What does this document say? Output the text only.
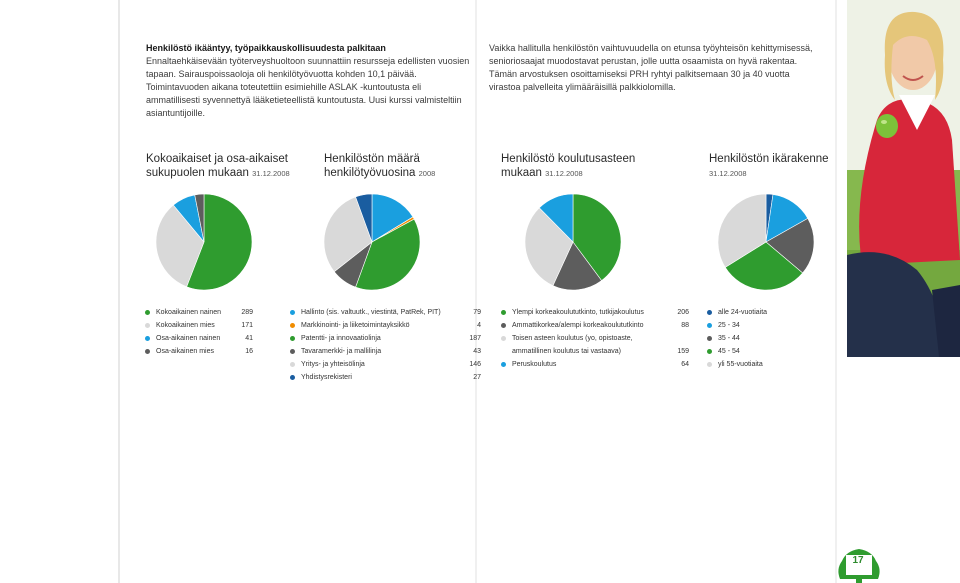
Henkilöstö ikääntyy, työpaikkauskollisuudesta palkitaan
Ennaltaehkäisevään työterveyshuoltoon suunnattiin resursseja edellisten vuosien tapaan. Sairauspoissaoloja oli henkilötyövuotta kohden 10,1 päivää. Toimintavuoden aikana toteutettiin esimiehille ASLAK -kuntoutusta eli ammatillisesti syvennettyä lääketieteellistä kuntoutusta. Uusi kurssi valmisteltiin asiantuntijoille.
Vaikka hallitulla henkilöstön vaihtuvuudella on etunsa työyhteisön kehittymisessä, senioriosaajat muodostavat perustan, jolle uutta osaamista on hyvä rakentaa. Tämän arvostuksen osoittamiseksi PRH ryhtyi palkitsemaan 30 ja 40 vuotta virastoa palvelleita ylimääräisillä palkkiolomilla.
Kokoaikaiset ja osa-aikaiset
sukupuolen mukaan 31.12.2008
Henkilöstön määrä
henkilötyövuosina 2008
Henkilöstö koulutusasteen
mukaan 31.12.2008
Henkilöstön ikärakenne
31.12.2008
Kokoaikainen nainen	289
Kokoaikainen mies	171
Osa-aikainen nainen	41
Osa-aikainen mies	16
Hallinto (sis. valtuutk., viestintä, PatRek, PIT)	79
Markkinointi- ja liiketoimintayksikkö	4
Patentti- ja innovaatiolinja	187
Tavaramerkki- ja mallilinja	43
Yritys- ja yhteisölinja	146
Yhdistysrekisteri	27
Ylempi korkeakoulututkinto, tutkijakoulutus	206
Ammattikorkea/alempi korkeakoulututkinto	88
Toisen asteen koulutus (yo, opistoaste,
ammatillinen koulutus tai vastaava)	159
Peruskoulutus	64
alle 24-vuotiaita
25 - 34
35 - 44
45 - 54
yli 55-vuotiaita
17
